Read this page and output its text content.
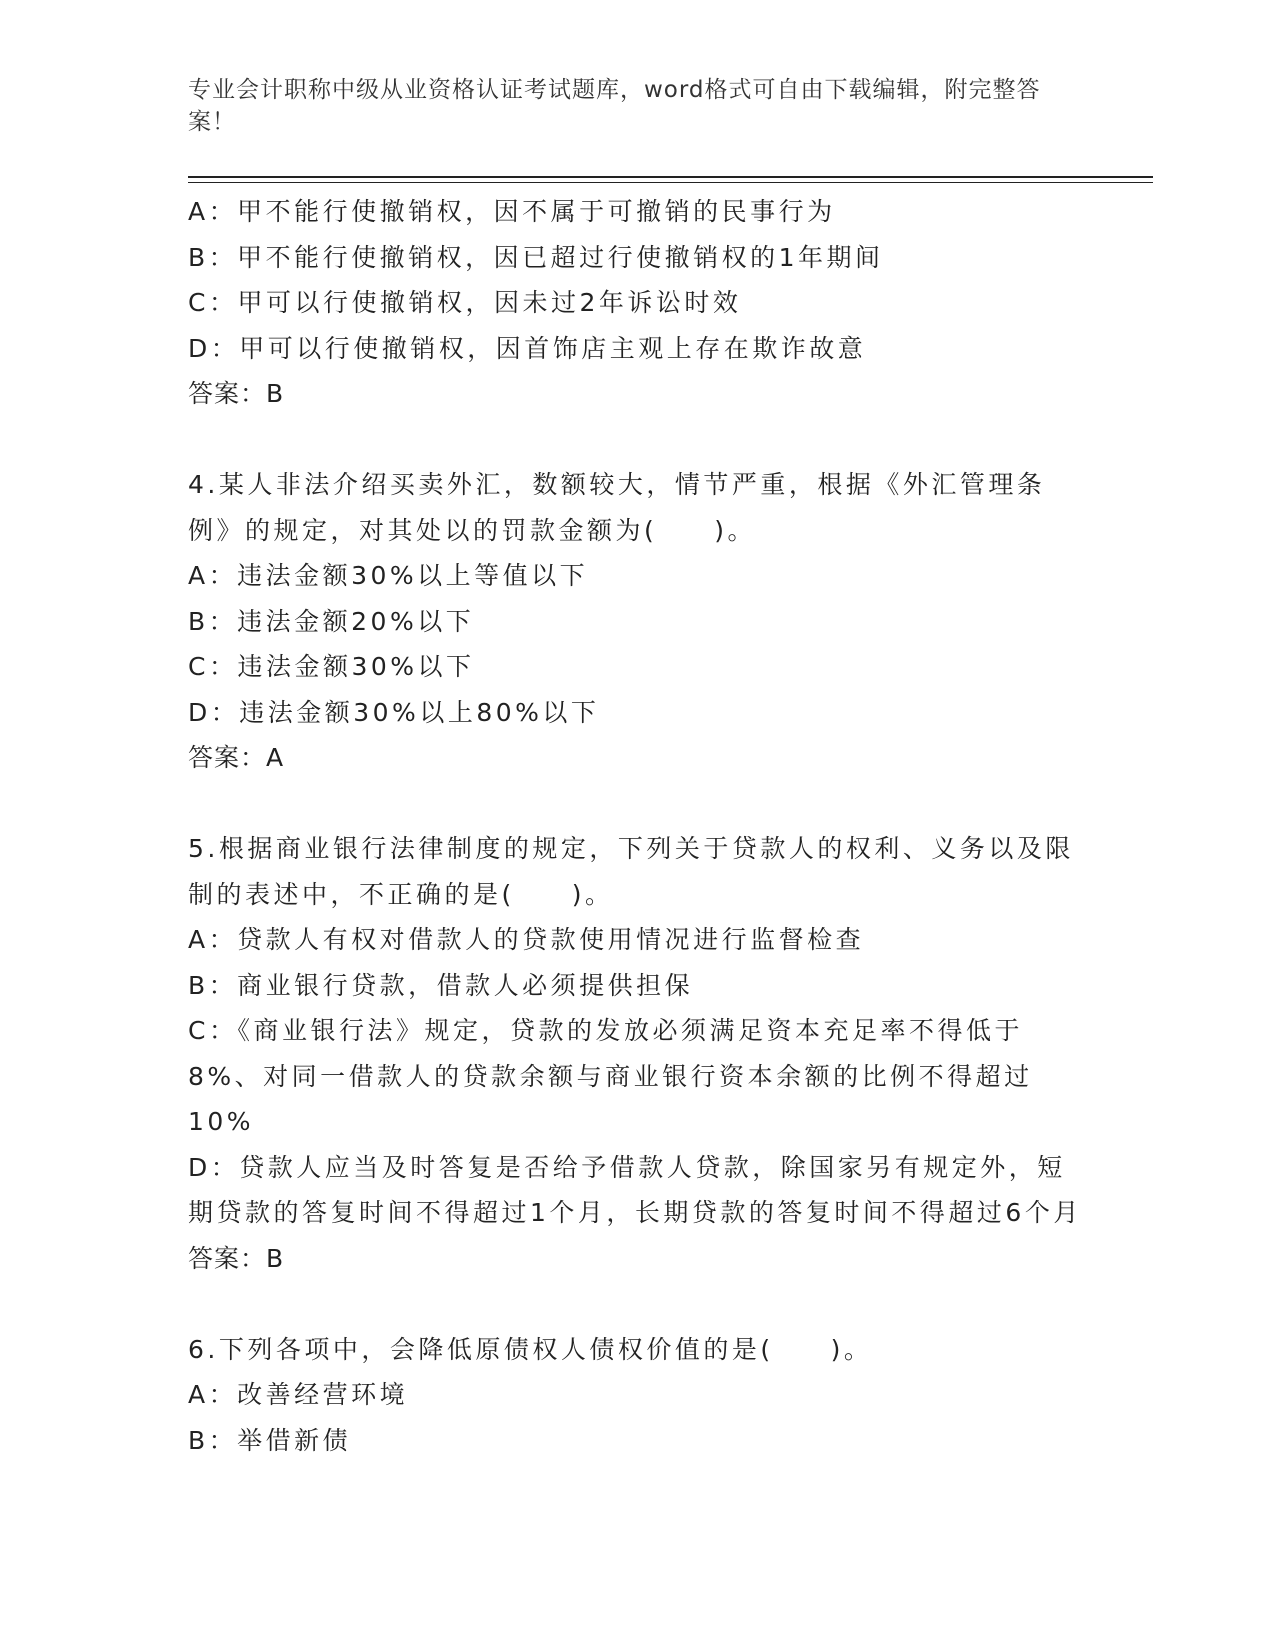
专业会计职称中级从业资格认证考试题库，word格式可自由下载编辑，附完整答案！
A：甲不能行使撤销权，因不属于可撤销的民事行为
B：甲不能行使撤销权，因已超过行使撤销权的1年期间
C：甲可以行使撤销权，因未过2年诉讼时效
D：甲可以行使撤销权，因首饰店主观上存在欺诈故意
答案：B
4.某人非法介绍买卖外汇，数额较大，情节严重，根据《外汇管理条例》的规定，对其处以的罚款金额为(　　)。
A：违法金额30%以上等值以下
B：违法金额20%以下
C：违法金额30%以下
D：违法金额30%以上80%以下
答案：A
5.根据商业银行法律制度的规定，下列关于贷款人的权利、义务以及限制的表述中，不正确的是(　　)。
A：贷款人有权对借款人的贷款使用情况进行监督检查
B：商业银行贷款，借款人必须提供担保
C：《商业银行法》规定，贷款的发放必须满足资本充足率不得低于8%、对同一借款人的贷款余额与商业银行资本余额的比例不得超过10%
D：贷款人应当及时答复是否给予借款人贷款，除国家另有规定外，短期贷款的答复时间不得超过1个月，长期贷款的答复时间不得超过6个月
答案：B
6.下列各项中，会降低原债权人债权价值的是(　　)。
A：改善经营环境
B：举借新债
